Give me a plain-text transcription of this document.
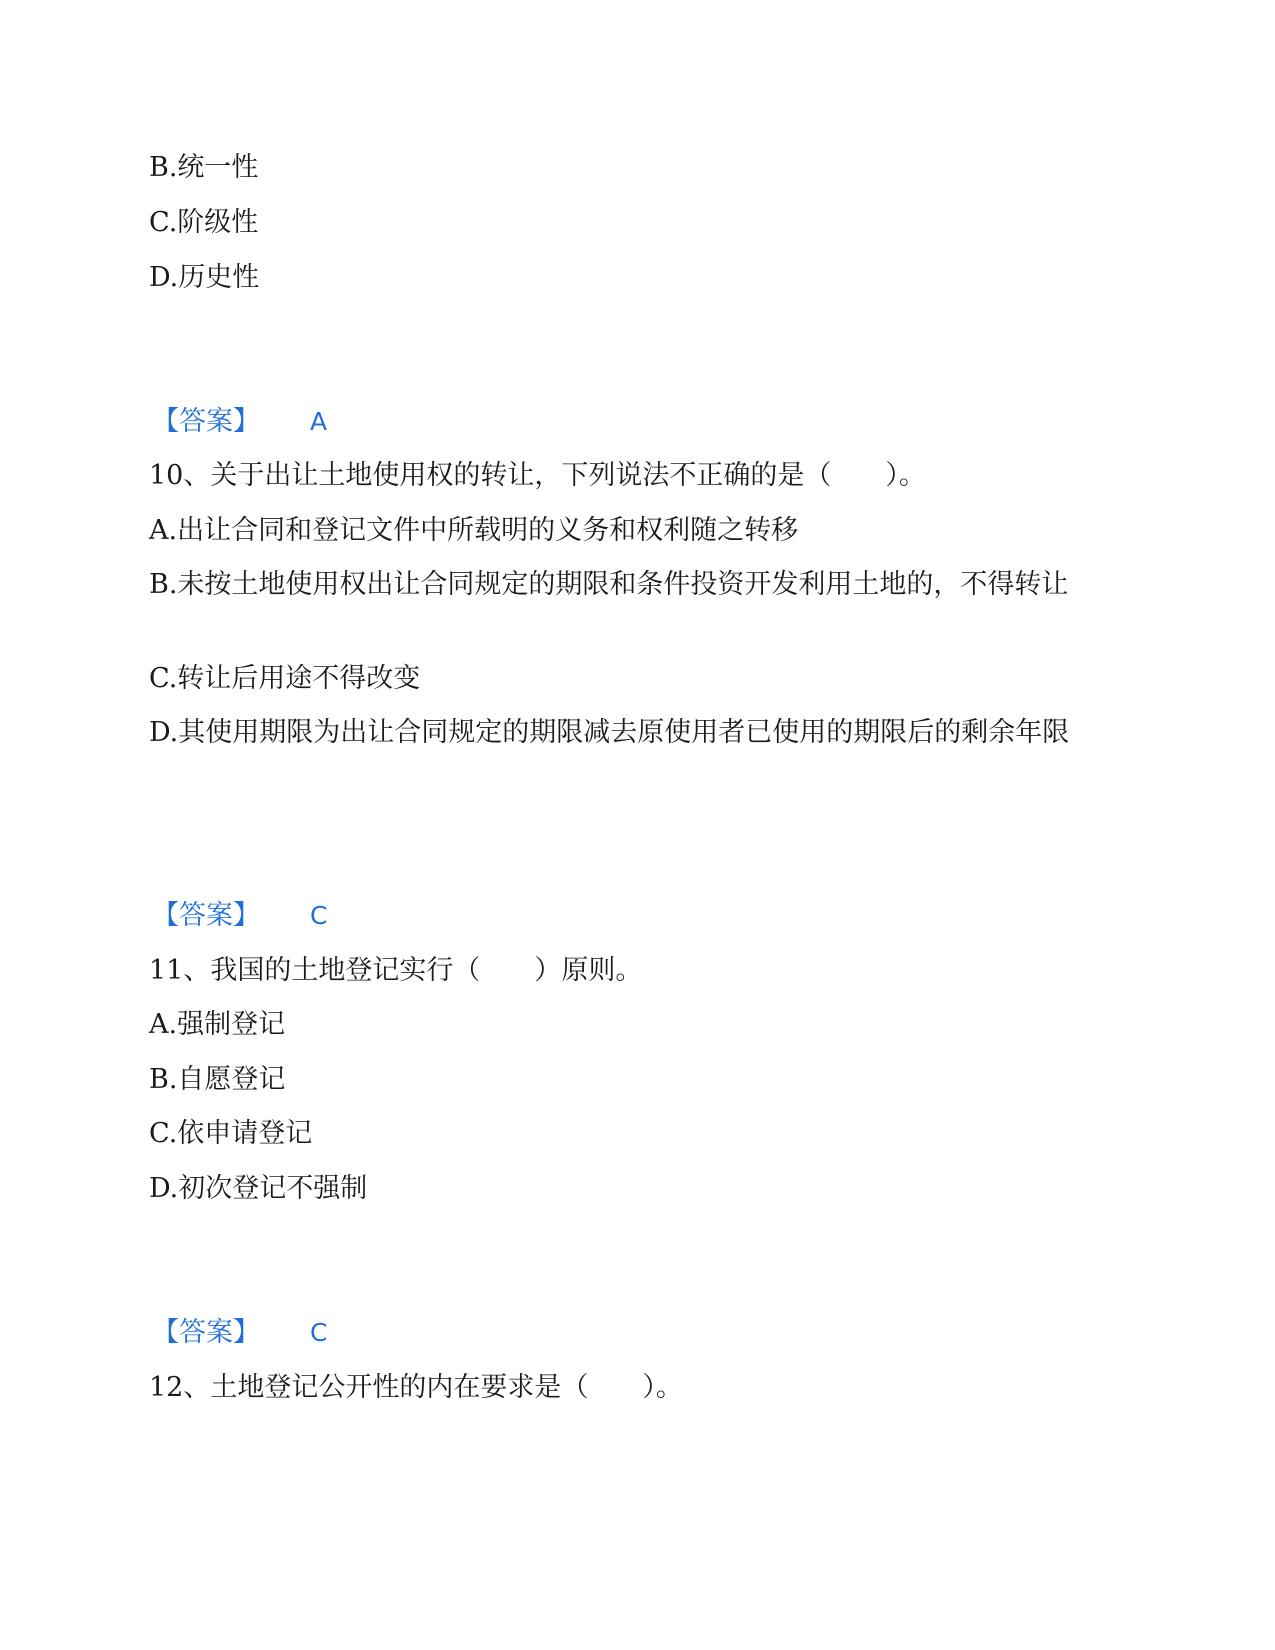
B.统一性
C.阶级性
D.历史性
【答案】 A
10、关于出让土地使用权的转让，下列说法不正确的是（　　）。
A.出让合同和登记文件中所载明的义务和权利随之转移
B.未按土地使用权出让合同规定的期限和条件投资开发利用土地的，不得转让
C.转让后用途不得改变
D.其使用期限为出让合同规定的期限减去原使用者已使用的期限后的剩余年限
【答案】 C
11、我国的土地登记实行（　　）原则。
A.强制登记
B.自愿登记
C.依申请登记
D.初次登记不强制
【答案】 C
12、土地登记公开性的内在要求是（　　）。
